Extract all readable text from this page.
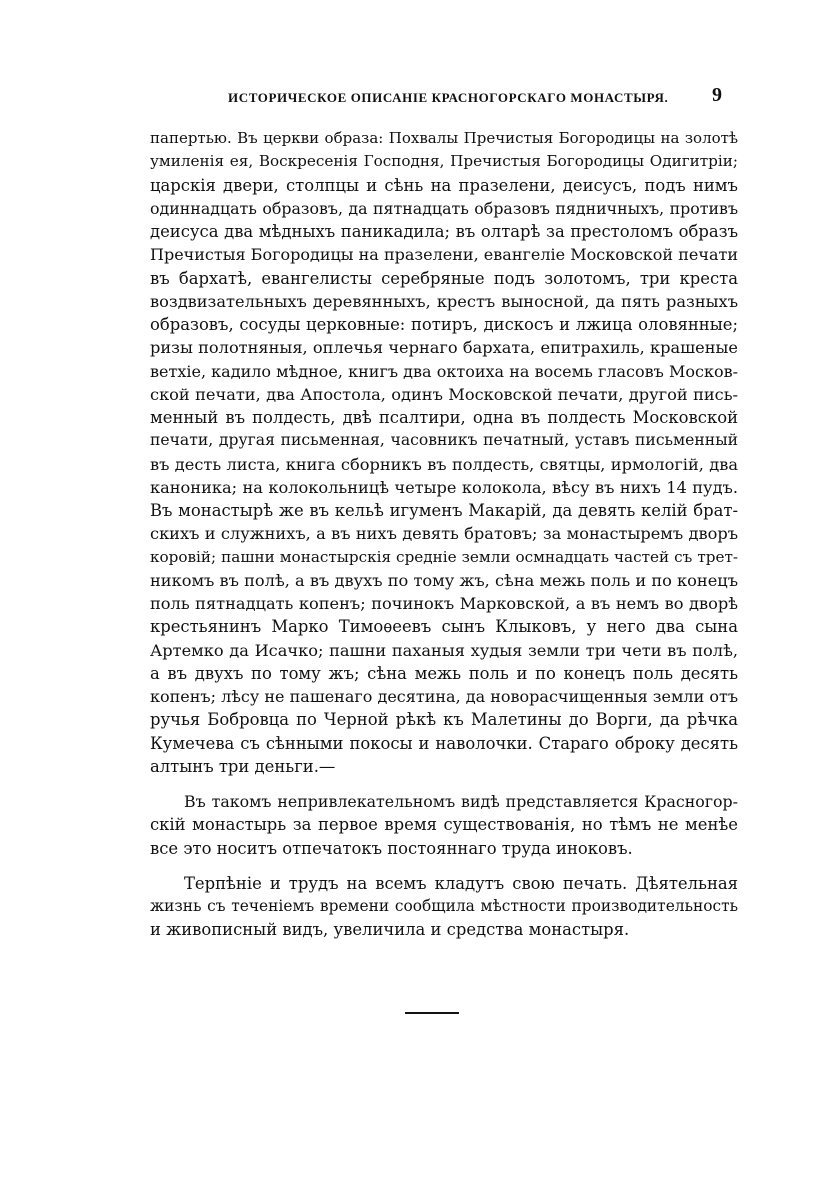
ИСТОРИЧЕСКОЕ ОПИСАНІЕ КРАСНОГОРСКАГО МОНАСТЫРЯ. 9
папертью. Въ церкви образа: Похвалы Пречистыя Богородицы на золотѣ
умиленія ея, Воскресенія Господня, Пречистыя Богородицы Одигитріи;
царскія двери, столпцы и сѣнь на празелени, деисусъ, подъ нимъ
одиннадцать образовъ, да пятнадцать образовъ пядничныхъ, противъ
деисуса два мѣдныхъ паникадила; въ олтарѣ за престоломъ образъ
Пречистыя Богородицы на празелени, евангеліе Московской печати
въ бархатѣ, евангелисты серебряные подъ золотомъ, три креста
воздвизательныхъ деревянныхъ, крестъ выносной, да пять разныхъ
образовъ, сосуды церковные: потиръ, дискосъ и лжица оловянные;
ризы полотняныя, оплечья чернаго бархата, епитрахиль, крашеные
ветхіе, кадило мѣдное, книгъ два октоиха на восемь гласовъ Москов-
ской печати, два Апостола, одинъ Московской печати, другой пись-
менный въ полдесть, двѣ псалтири, одна въ полдесть Московской
печати, другая письменная, часовникъ печатный, уставъ письменный
въ десть листа, книга сборникъ въ полдесть, святцы, ирмологій, два
каноника; на колокольницѣ четыре колокола, вѣсу въ нихъ 14 пудъ.
Въ монастырѣ же въ кельѣ игуменъ Макарій, да девять келій брат-
скихъ и служнихъ, а въ нихъ девять братовъ; за монастыремъ дворъ
коровій; пашни монастырскія средніе земли осмнадцать частей съ трет-
никомъ въ полѣ, а въ двухъ по тому жъ, сѣна межь поль и по конецъ
поль пятнадцать копенъ; починокъ Марковской, а въ немъ во дворѣ
крестьянинъ Марко Тимоѳеевъ сынъ Клыковъ, у него два сына
Артемко да Исачко; пашни паханыя худыя земли три чети въ полѣ,
а въ двухъ по тому жъ; сѣна межь поль и по конецъ поль десять
копенъ; лѣсу не пашенаго десятина, да новорасчищенныя земли отъ
ручья Бобровца по Черной рѣкѣ къ Малетины до Ворги, да рѣчка
Кумечева съ сѣнными покосы и наволочки. Стараго оброку десять
алтынъ три деньги.—
Въ такомъ непривлекательномъ видѣ представляется Красногор-
скій монастырь за первое время существованія, но тѣмъ не менѣе
все это носитъ отпечатокъ постояннаго труда иноковъ.
Терпѣніе и трудъ на всемъ кладутъ свою печать. Дѣятельная
жизнь съ теченіемъ времени сообщила мѣстности производительность
и живописный видъ, увеличила и средства монастыря.
